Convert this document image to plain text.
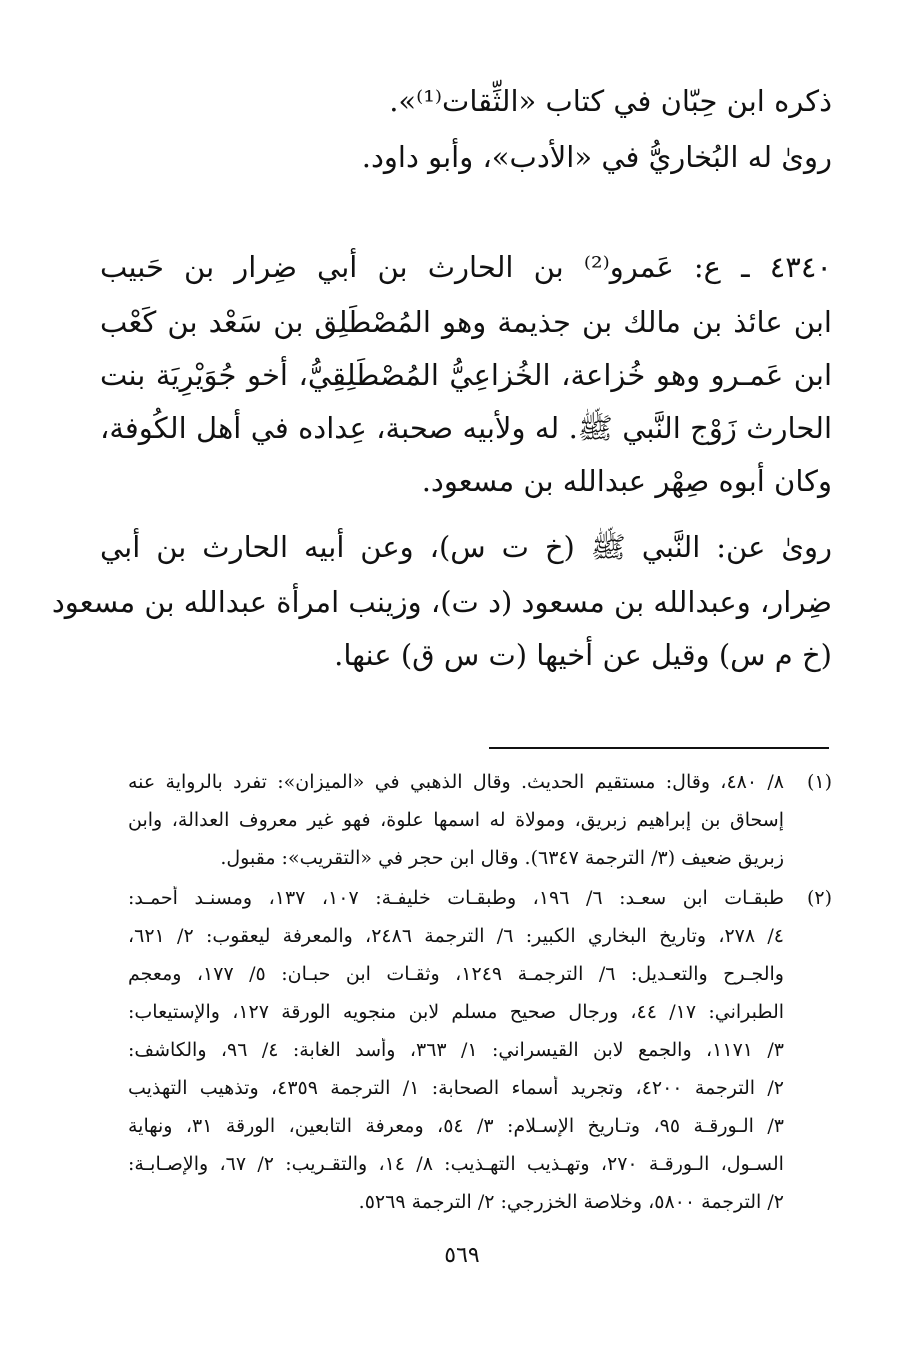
ذكره ابن حِبّان في كتاب «الثِّقات⁽¹⁾».
روىٰ له البُخاريُّ في «الأدب»، وأبو داود.
٤٣٤٠ ـ ع: عَمرو⁽²⁾ بن الحارث بن أبي ضِرار بن حَبيب
ابن عائذ بن مالك بن جذيمة وهو المُصْطَلِق بن سَعْد بن كَعْب
ابن عَمـرو وهو خُزاعة، الخُزاعِيُّ المُصْطَلِقِيُّ، أخو جُوَيْرِيَة بنت
الحارث زَوْج النَّبي ﷺ. له ولأبيه صحبة، عِداده في أهل الكُوفة،
وكان أبوه صِهْر عبدالله بن مسعود.
روىٰ عن: النَّبي ﷺ (خ ت س)، وعن أبيه الحارث بن أبي
ضِرار، وعبدالله بن مسعود (د ت)، وزينب امرأة عبدالله بن مسعود
(خ م س) وقيل عن أخيها (ت س ق) عنها.
(١)
٨/ ٤٨٠، وقال: مستقيم الحديث. وقال الذهبي في «الميزان»: تفرد بالرواية عنه
إسحاق بن إبراهيم زبريق، ومولاة له اسمها علوة، فهو غير معروف العدالة، وابن
زبريق ضعيف (٣/ الترجمة ٦٣٤٧). وقال ابن حجر في «التقريب»: مقبول.
(٢)
طبقـات ابن سعـد: ٦/ ١٩٦، وطبقـات خليفـة: ١٠٧، ١٣٧، ومسنـد أحمـد:
٤/ ٢٧٨، وتاريخ البخاري الكبير: ٦/ الترجمة ٢٤٨٦، والمعرفة ليعقوب: ٢/ ٦٢١،
والجـرح والتعـديل: ٦/ الترجمـة ١٢٤٩، وثقـات ابن حبـان: ٥/ ١٧٧، ومعجم
الطبراني: ١٧/ ٤٤، ورجال صحيح مسلم لابن منجويه الورقة ١٢٧، والإستيعاب:
٣/ ١١٧١، والجمع لابن القيسراني: ١/ ٣٦٣، وأسد الغابة: ٤/ ٩٦، والكاشف:
٢/ الترجمة ٤٢٠٠، وتجريد أسماء الصحابة: ١/ الترجمة ٤٣٥٩، وتذهيب التهذيب
٣/ الـورقـة ٩٥، وتـاريخ الإسـلام: ٣/ ٥٤، ومعرفة التابعين، الورقة ٣١، ونهاية
السـول، الـورقـة ٢٧٠، وتهـذيب التهـذيب: ٨/ ١٤، والتقـريب: ٢/ ٦٧، والإصـابـة:
٢/ الترجمة ٥٨٠٠، وخلاصة الخزرجي: ٢/ الترجمة ٥٢٦٩.
٥٦٩
